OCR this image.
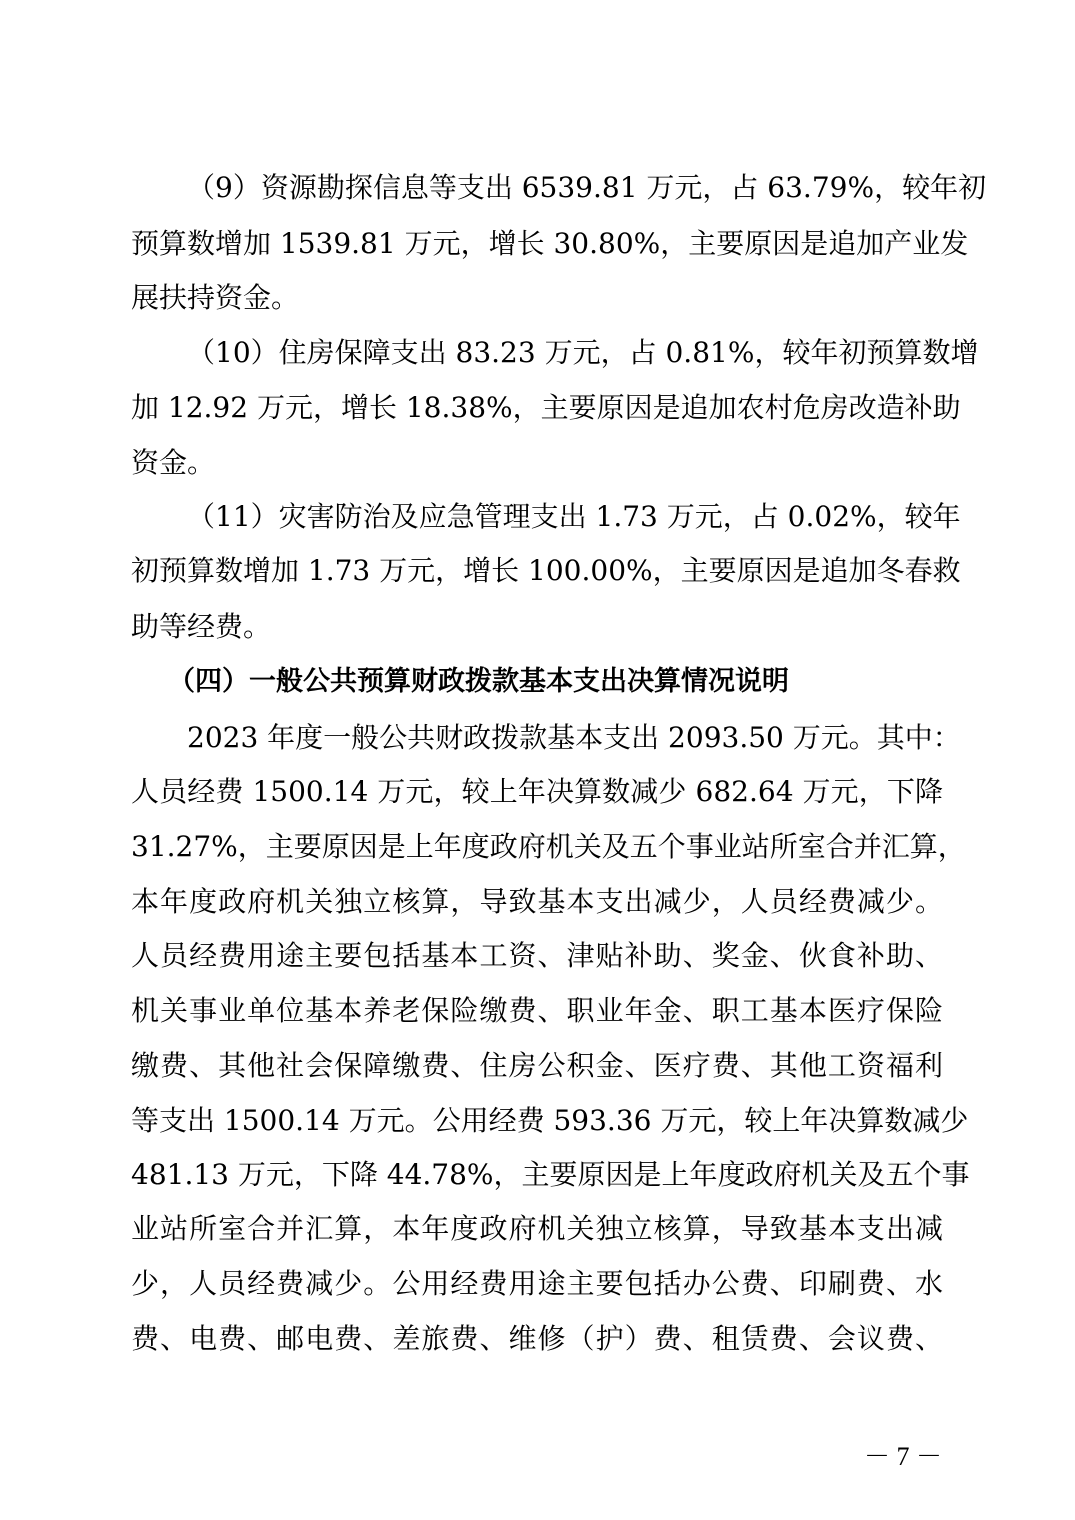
（9）资源勘探信息等支出 6539.81 万元，占 63.79%，较年初
预算数增加 1539.81 万元，增长 30.80%，主要原因是追加产业发
展扶持资金。
（10）住房保障支出 83.23 万元，占 0.81%，较年初预算数增
加 12.92 万元，增长 18.38%，主要原因是追加农村危房改造补助
资金。
（11）灾害防治及应急管理支出 1.73 万元，占 0.02%，较年
初预算数增加 1.73 万元，增长 100.00%，主要原因是追加冬春救
助等经费。
（四）一般公共预算财政拨款基本支出决算情况说明
2023 年度一般公共财政拨款基本支出 2093.50 万元。其中：
人员经费 1500.14 万元，较上年决算数减少 682.64 万元，下降
31.27%，主要原因是上年度政府机关及五个事业站所室合并汇算，
本年度政府机关独立核算，导致基本支出减少，人员经费减少。
人员经费用途主要包括基本工资、津贴补助、奖金、伙食补助、
机关事业单位基本养老保险缴费、职业年金、职工基本医疗保险
缴费、其他社会保障缴费、住房公积金、医疗费、其他工资福利
等支出 1500.14 万元。公用经费 593.36 万元，较上年决算数减少
481.13 万元，下降 44.78%，主要原因是上年度政府机关及五个事
业站所室合并汇算，本年度政府机关独立核算，导致基本支出减
少，人员经费减少。公用经费用途主要包括办公费、印刷费、水
费、电费、邮电费、差旅费、维修（护）费、租赁费、会议费、
－ 7 －
